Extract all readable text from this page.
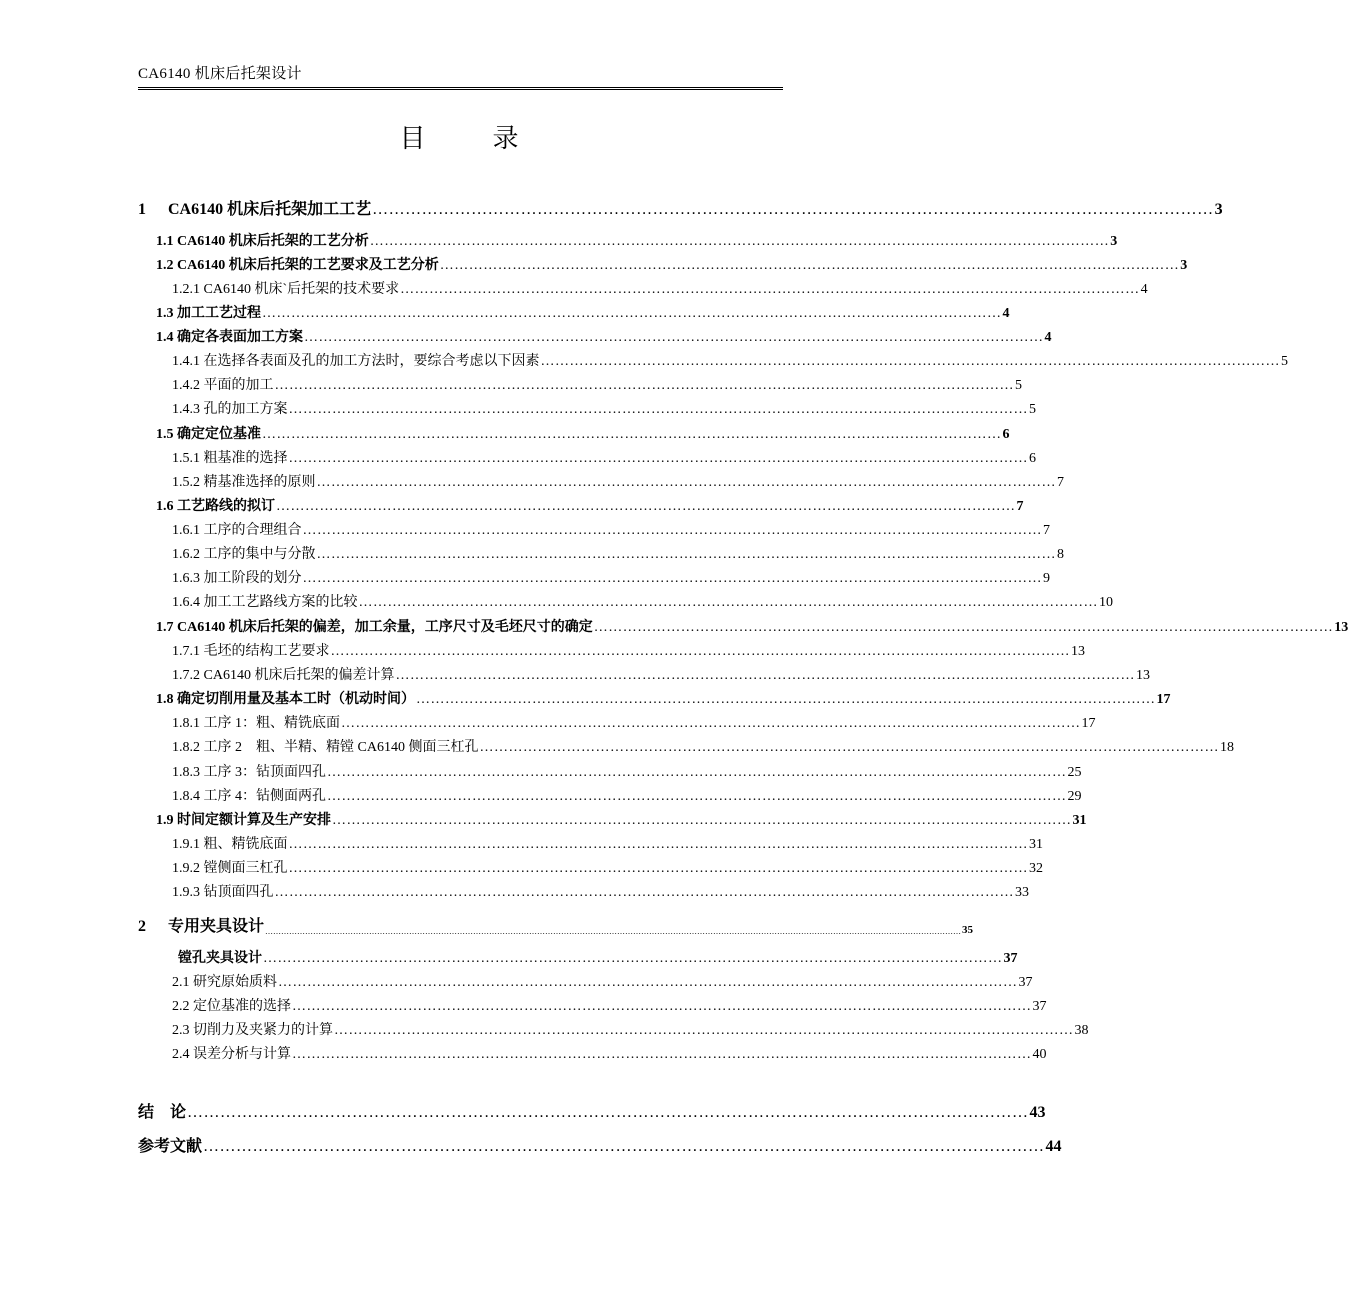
CA6140 机床后托架设计
目	录
1 CA6140 机床后托架加工工艺 ……………………………………………………………………………………………………………………………………… 3
1.1 CA6140 机床后托架的工艺分析 ……………………………………………………………………………………………………………………………………… 3
1.2 CA6140 机床后托架的工艺要求及工艺分析 ……………………………………………………………………………………………………………………………………… 3
1.2.1 CA6140 机床`后托架的技术要求 ……………………………………………………………………………………………………………………………………… 4
1.3 加工工艺过程 ……………………………………………………………………………………………………………………………………… 4
1.4 确定各表面加工方案 ……………………………………………………………………………………………………………………………………… 4
1.4.1 在选择各表面及孔的加工方法时，要综合考虑以下因素 ……………………………………………………………………………………………………………………………………… 5
1.4.2 平面的加工 ……………………………………………………………………………………………………………………………………… 5
1.4.3 孔的加工方案 ……………………………………………………………………………………………………………………………………… 5
1.5 确定定位基准 ……………………………………………………………………………………………………………………………………… 6
1.5.1 粗基准的选择 ……………………………………………………………………………………………………………………………………… 6
1.5.2 精基准选择的原则 ……………………………………………………………………………………………………………………………………… 7
1.6 工艺路线的拟订 ……………………………………………………………………………………………………………………………………… 7
1.6.1 工序的合理组合 ……………………………………………………………………………………………………………………………………… 7
1.6.2 工序的集中与分散 ……………………………………………………………………………………………………………………………………… 8
1.6.3 加工阶段的划分 ……………………………………………………………………………………………………………………………………… 9
1.6.4 加工工艺路线方案的比较 ……………………………………………………………………………………………………………………………………… 10
1.7 CA6140 机床后托架的偏差，加工余量，工序尺寸及毛坯尺寸的确定 ……………………………………………………………………………………………………………………………………… 13
1.7.1 毛坯的结构工艺要求 ……………………………………………………………………………………………………………………………………… 13
1.7.2 CA6140 机床后托架的偏差计算 ……………………………………………………………………………………………………………………………………… 13
1.8 确定切削用量及基本工时（机动时间） ……………………………………………………………………………………………………………………………………… 17
1.8.1 工序 1：粗、精铣底面 ……………………………………………………………………………………………………………………………………… 17
1.8.2 工序 2　粗、半精、精镗 CA6140 侧面三杠孔 ……………………………………………………………………………………………………………………………………… 18
1.8.3 工序 3：钻顶面四孔 ……………………………………………………………………………………………………………………………………… 25
1.8.4 工序 4：钻侧面两孔 ……………………………………………………………………………………………………………………………………… 29
1.9 时间定额计算及生产安排 ……………………………………………………………………………………………………………………………………… 31
1.9.1 粗、精铣底面 ……………………………………………………………………………………………………………………………………… 31
1.9.2 镗侧面三杠孔 ……………………………………………………………………………………………………………………………………… 32
1.9.3 钻顶面四孔 ……………………………………………………………………………………………………………………………………… 33
2 专用夹具设计 ……………………………………………………………………………………………………………………………………………………………………………………………………………………………………… 35
镗孔夹具设计 ……………………………………………………………………………………………………………………………………… 37
2.1 研究原始质料 ……………………………………………………………………………………………………………………………………… 37
2.2 定位基准的选择 ……………………………………………………………………………………………………………………………………… 37
2.3 切削力及夹紧力的计算 ……………………………………………………………………………………………………………………………………… 38
2.4 误差分析与计算 ……………………………………………………………………………………………………………………………………… 40
结　论 ……………………………………………………………………………………………………………………………………… 43
参考文献 ……………………………………………………………………………………………………………………………………… 44
